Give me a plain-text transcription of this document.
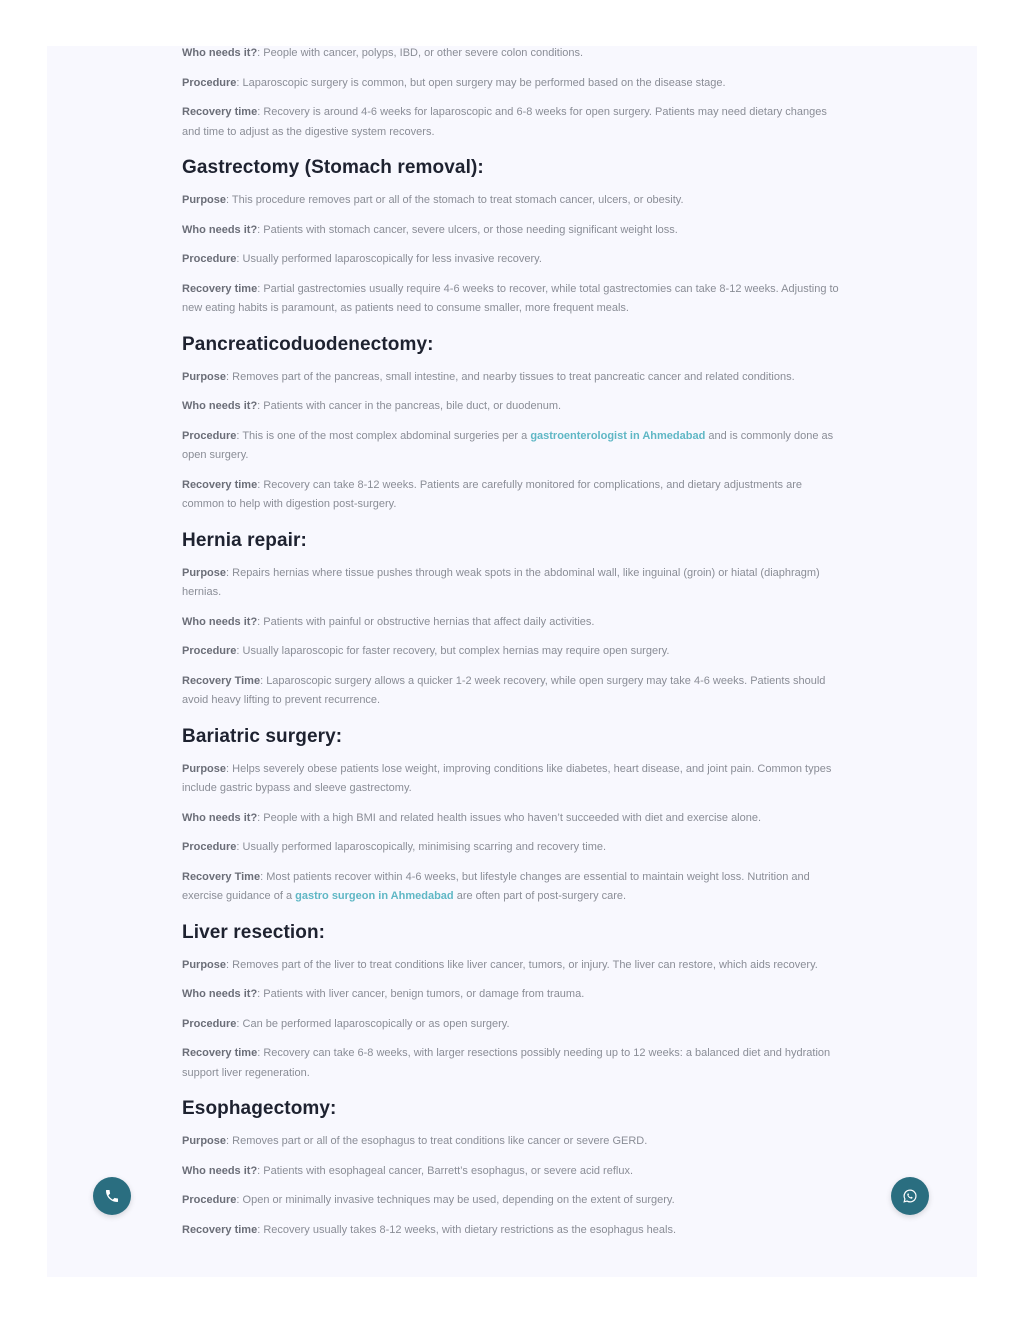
Who needs it?: People with cancer, polyps, IBD, or other severe colon conditions.

Procedure: Laparoscopic surgery is common, but open surgery may be performed based on the disease stage.

Recovery time: Recovery is around 4-6 weeks for laparoscopic and 6-8 weeks for open surgery. Patients may need dietary changes and time to adjust as the digestive system recovers.

Gastrectomy (Stomach removal):

Purpose: This procedure removes part or all of the stomach to treat stomach cancer, ulcers, or obesity.

Who needs it?: Patients with stomach cancer, severe ulcers, or those needing significant weight loss.

Procedure: Usually performed laparoscopically for less invasive recovery.

Recovery time: Partial gastrectomies usually require 4-6 weeks to recover, while total gastrectomies can take 8-12 weeks. Adjusting to new eating habits is paramount, as patients need to consume smaller, more frequent meals.

Pancreaticoduodenectomy:

Purpose: Removes part of the pancreas, small intestine, and nearby tissues to treat pancreatic cancer and related conditions.

Who needs it?: Patients with cancer in the pancreas, bile duct, or duodenum.

Procedure: This is one of the most complex abdominal surgeries per a gastroenterologist in Ahmedabad and is commonly done as open surgery.

Recovery time: Recovery can take 8-12 weeks. Patients are carefully monitored for complications, and dietary adjustments are common to help with digestion post-surgery.

Hernia repair:

Purpose: Repairs hernias where tissue pushes through weak spots in the abdominal wall, like inguinal (groin) or hiatal (diaphragm) hernias.

Who needs it?: Patients with painful or obstructive hernias that affect daily activities.

Procedure: Usually laparoscopic for faster recovery, but complex hernias may require open surgery.

Recovery Time: Laparoscopic surgery allows a quicker 1-2 week recovery, while open surgery may take 4-6 weeks. Patients should avoid heavy lifting to prevent recurrence.

Bariatric surgery:

Purpose: Helps severely obese patients lose weight, improving conditions like diabetes, heart disease, and joint pain. Common types include gastric bypass and sleeve gastrectomy.

Who needs it?: People with a high BMI and related health issues who haven’t succeeded with diet and exercise alone.

Procedure: Usually performed laparoscopically, minimising scarring and recovery time.

Recovery Time: Most patients recover within 4-6 weeks, but lifestyle changes are essential to maintain weight loss. Nutrition and exercise guidance of a gastro surgeon in Ahmedabad are often part of post-surgery care.

Liver resection:

Purpose: Removes part of the liver to treat conditions like liver cancer, tumors, or injury. The liver can restore, which aids recovery.

Who needs it?: Patients with liver cancer, benign tumors, or damage from trauma.

Procedure: Can be performed laparoscopically or as open surgery.

Recovery time: Recovery can take 6-8 weeks, with larger resections possibly needing up to 12 weeks: a balanced diet and hydration support liver regeneration.

Esophagectomy:

Purpose: Removes part or all of the esophagus to treat conditions like cancer or severe GERD.

Who needs it?: Patients with esophageal cancer, Barrett’s esophagus, or severe acid reflux.

Procedure: Open or minimally invasive techniques may be used, depending on the extent of surgery.

Recovery time: Recovery usually takes 8-12 weeks, with dietary restrictions as the esophagus heals.
